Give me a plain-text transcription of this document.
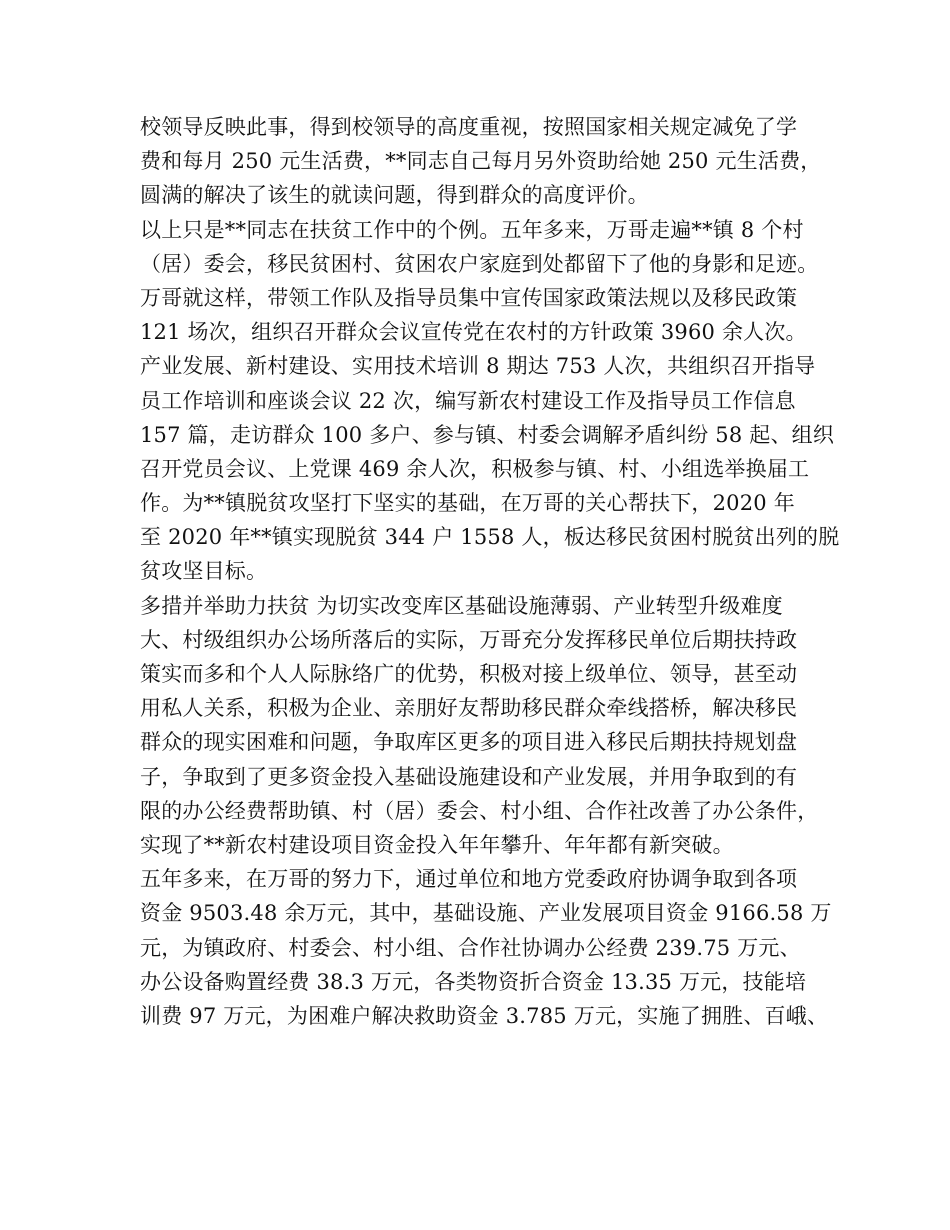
校领导反映此事，得到校领导的高度重视，按照国家相关规定减免了学
费和每月 250 元生活费，**同志自己每月另外资助给她 250 元生活费，
圆满的解决了该生的就读问题，得到群众的高度评价。
以上只是**同志在扶贫工作中的个例。五年多来，万哥走遍**镇 8 个村
（居）委会，移民贫困村、贫困农户家庭到处都留下了他的身影和足迹。
万哥就这样，带领工作队及指导员集中宣传国家政策法规以及移民政策
121 场次，组织召开群众会议宣传党在农村的方针政策 3960 余人次。
产业发展、新村建设、实用技术培训 8 期达 753 人次，共组织召开指导
员工作培训和座谈会议 22 次，编写新农村建设工作及指导员工作信息
157 篇，走访群众 100 多户、参与镇、村委会调解矛盾纠纷 58 起、组织
召开党员会议、上党课 469 余人次，积极参与镇、村、小组选举换届工
作。为**镇脱贫攻坚打下坚实的基础，在万哥的关心帮扶下，2020 年
至 2020 年**镇实现脱贫 344 户 1558 人，板达移民贫困村脱贫出列的脱
贫攻坚目标。
多措并举助力扶贫 为切实改变库区基础设施薄弱、产业转型升级难度
大、村级组织办公场所落后的实际，万哥充分发挥移民单位后期扶持政
策实而多和个人人际脉络广的优势，积极对接上级单位、领导，甚至动
用私人关系，积极为企业、亲朋好友帮助移民群众牵线搭桥，解决移民
群众的现实困难和问题，争取库区更多的项目进入移民后期扶持规划盘
子，争取到了更多资金投入基础设施建设和产业发展，并用争取到的有
限的办公经费帮助镇、村（居）委会、村小组、合作社改善了办公条件，
实现了**新农村建设项目资金投入年年攀升、年年都有新突破。
五年多来，在万哥的努力下，通过单位和地方党委政府协调争取到各项
资金 9503.48 余万元，其中，基础设施、产业发展项目资金 9166.58 万
元，为镇政府、村委会、村小组、合作社协调办公经费 239.75 万元、
办公设备购置经费 38.3 万元，各类物资折合资金 13.35 万元，技能培
训费 97 万元，为困难户解决救助资金 3.785 万元，实施了拥胜、百峨、
